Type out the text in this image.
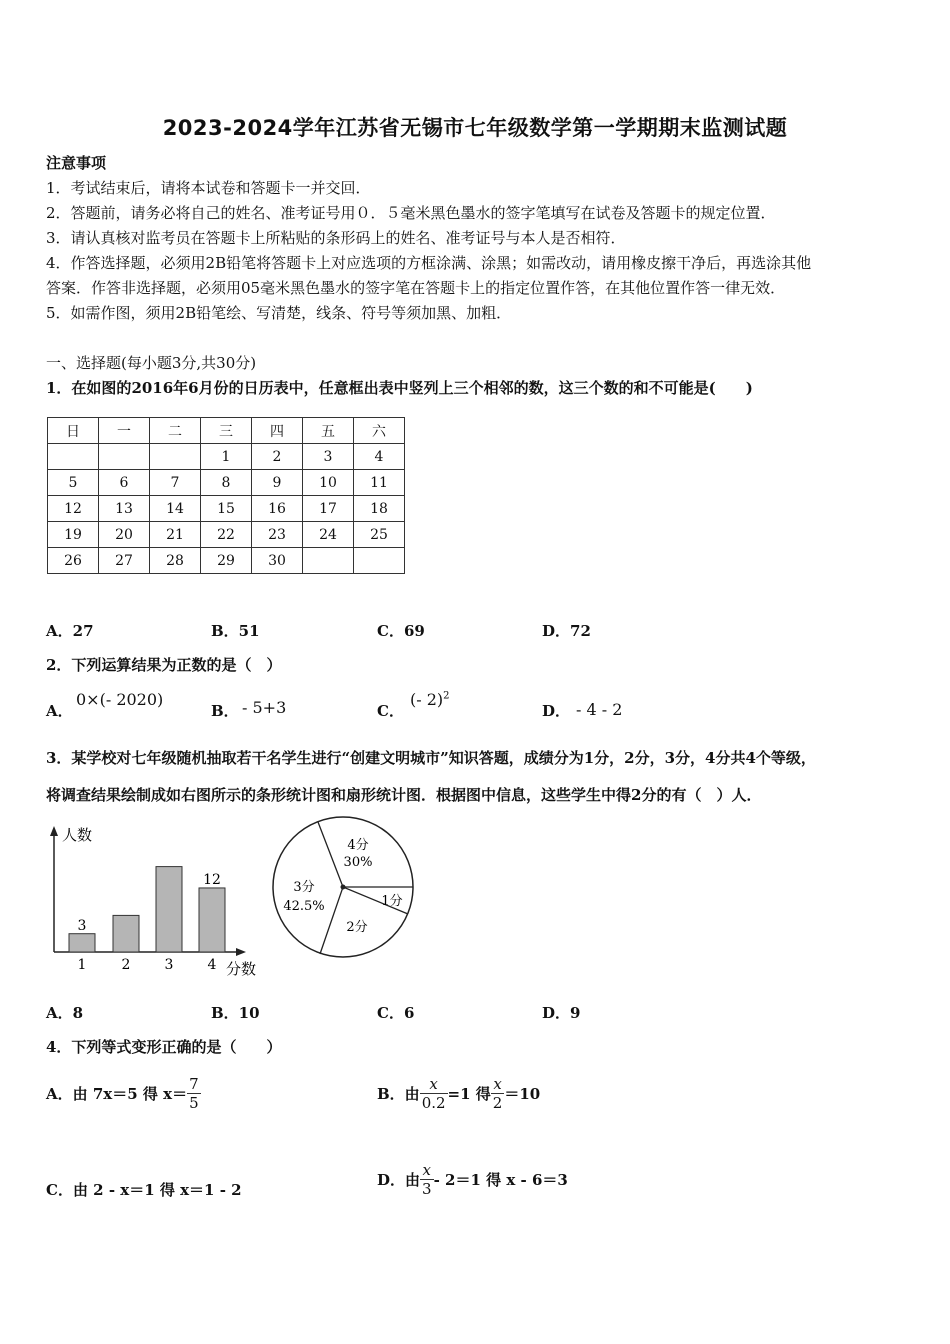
2023-2024学年江苏省无锡市七年级数学第一学期期末监测试题
注意事项
1．考试结束后，请将本试卷和答题卡一并交回．
2．答题前，请务必将自己的姓名、准考证号用０．５毫米黑色墨水的签字笔填写在试卷及答题卡的规定位置．
3．请认真核对监考员在答题卡上所粘贴的条形码上的姓名、准考证号与本人是否相符．
4．作答选择题，必须用2B铅笔将答题卡上对应选项的方框涂满、涂黑；如需改动，请用橡皮擦干净后，再选涂其他
答案．作答非选择题，必须用05毫米黑色墨水的签字笔在答题卡上的指定位置作答，在其他位置作答一律无效．
5．如需作图，须用2B铅笔绘、写清楚，线条、符号等须加黑、加粗．
一、选择题(每小题3分,共30分)
1．在如图的2016年6月份的日历表中，任意框出表中竖列上三个相邻的数，这三个数的和不可能是(　　)
日	一	二	三	四	五	六
			1	2	3	4
5	6	7	8	9	10	11
12	13	14	15	16	17	18
19	20	21	22	23	24	25
26	27	28	29	30		
A．27	B．51	C．69	D．72
2．下列运算结果为正数的是（　）
A．
0×(- 2020)
B． - 5+3	C．
(- 2)$^2$
D． - 4 - 2
3．某学校对七年级随机抽取若干名学生进行“创建文明城市”知识答题，成绩分为1分，2分，3分，4分共4个等级，
将调查结果绘制成如右图所示的条形统计图和扇形统计图．根据图中信息，这些学生中得2分的有（　）人．
人数
分数
1	2 3 4
3
12
4分
30%
1分
2分
3分
42.5%
A．8	B．10	C．6	D．9
4．下列等式变形正确的是（　　）
A．由 7x＝5 得 $x= \frac{7}{5}$	B．由 $\frac{x}{0.2} =1$ 得 $\frac{x}{2} =10$
C．由 2 - x＝1 得 x＝1 - 2
D．由 $\frac{x}{3} - 2=1$ 得 x - 6＝3
